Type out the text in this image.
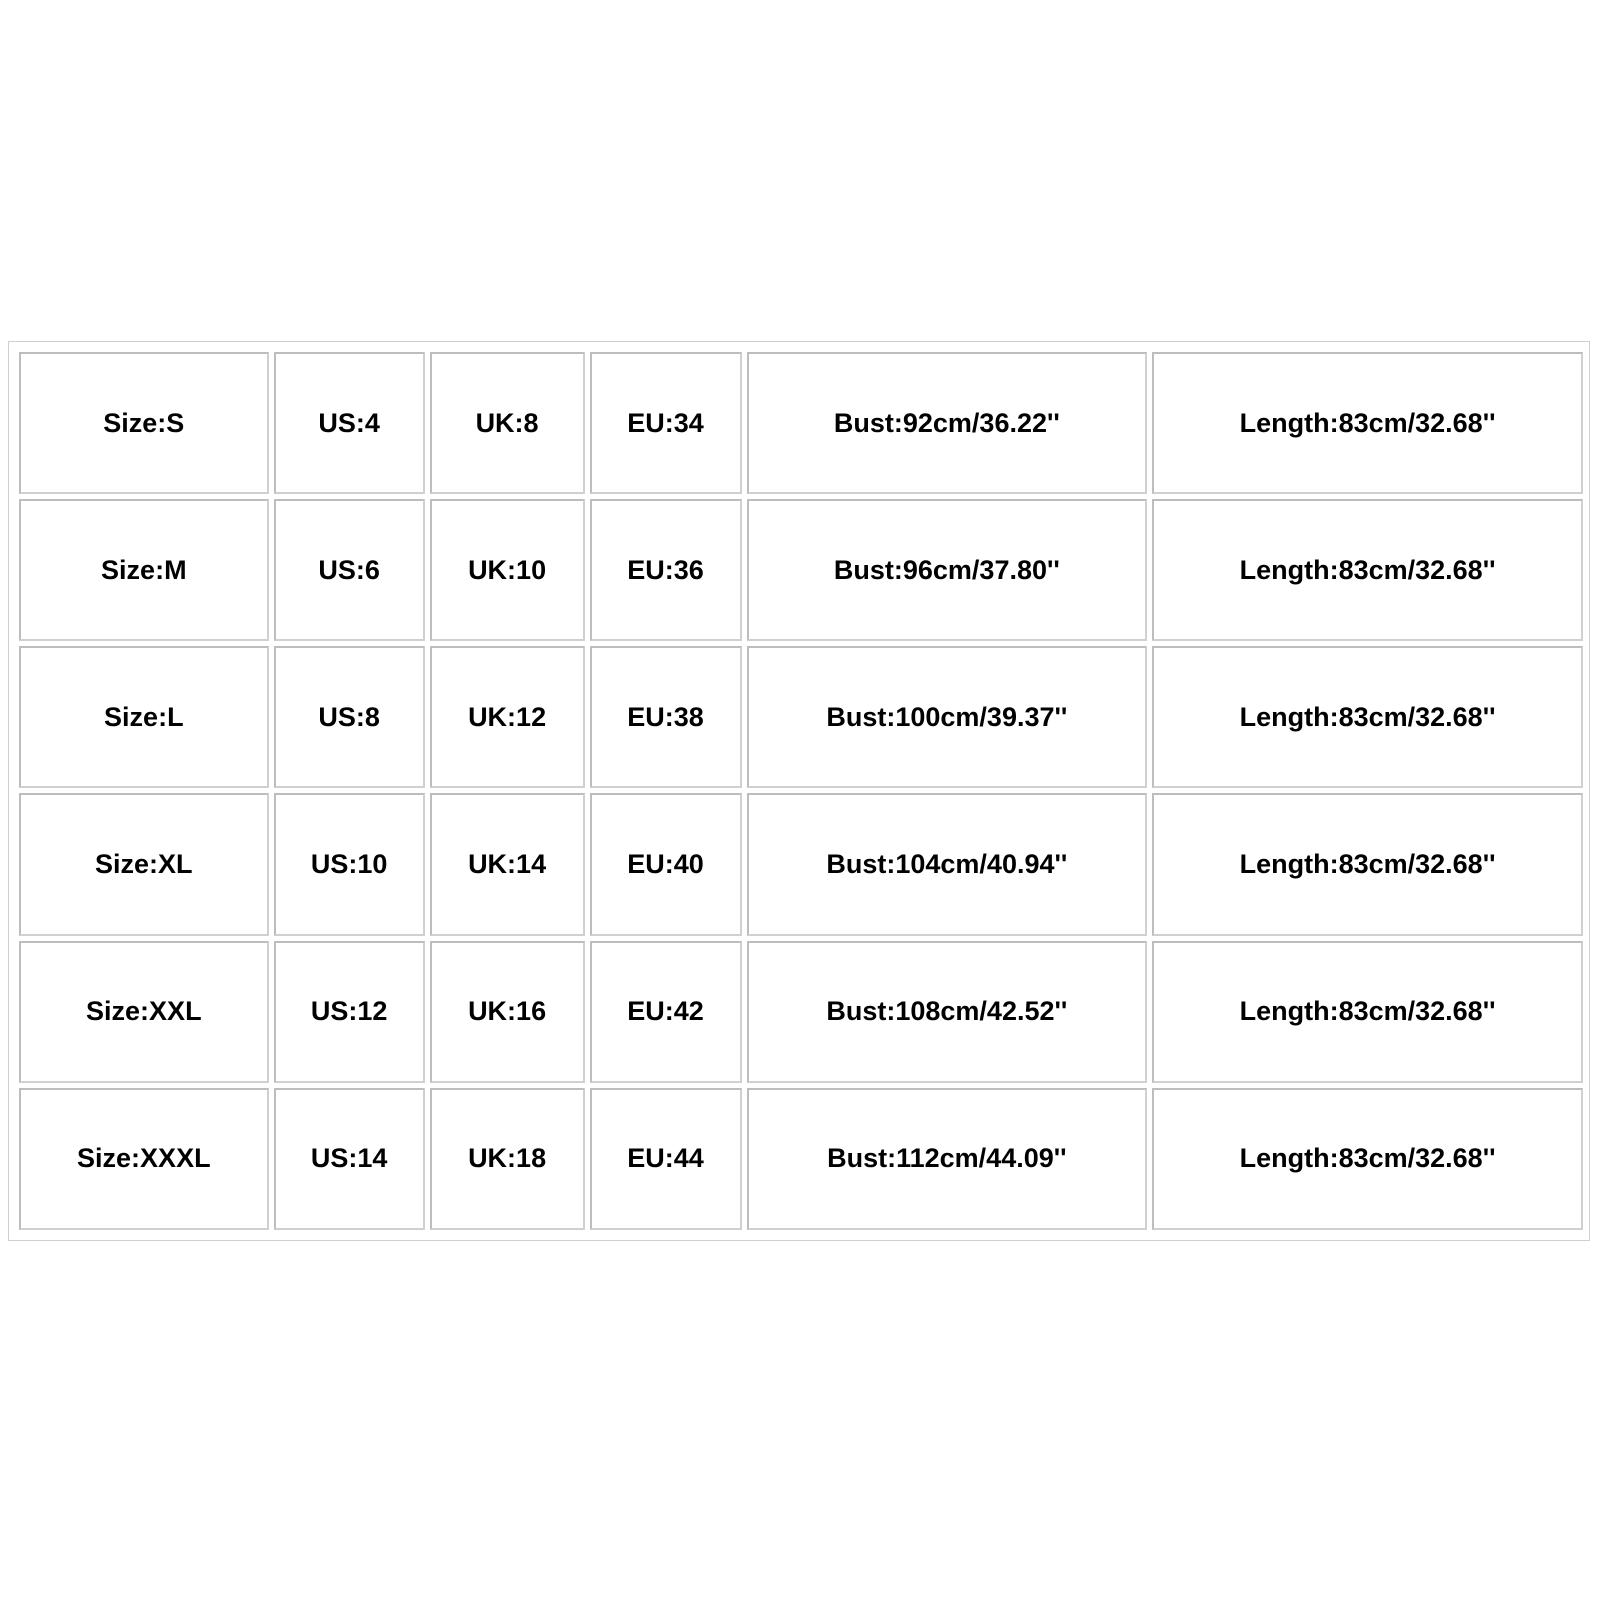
Size:S	US:4	UK:8	EU:34	Bust:92cm/36.22''	Length:83cm/32.68''
Size:M	US:6	UK:10	EU:36	Bust:96cm/37.80''	Length:83cm/32.68''
Size:L	US:8	UK:12	EU:38	Bust:100cm/39.37''	Length:83cm/32.68''
Size:XL	US:10	UK:14	EU:40	Bust:104cm/40.94''	Length:83cm/32.68''
Size:XXL	US:12	UK:16	EU:42	Bust:108cm/42.52''	Length:83cm/32.68''
Size:XXXL	US:14	UK:18	EU:44	Bust:112cm/44.09''	Length:83cm/32.68''
